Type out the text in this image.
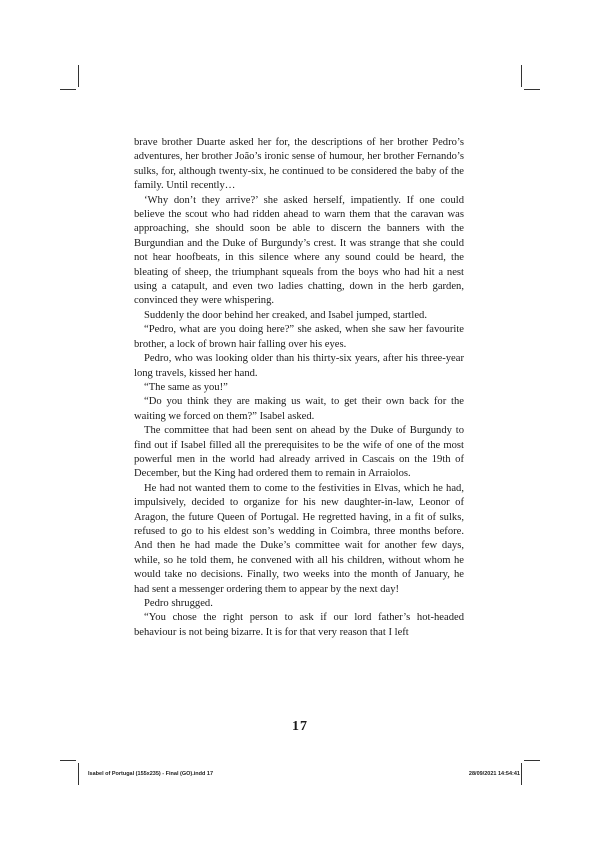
brave brother Duarte asked her for, the descriptions of her brother Pedro’s adventures, her brother João’s ironic sense of humour, her brother Fernando’s sulks, for, although twenty-six, he continued to be considered the baby of the family. Until recently…

‘Why don’t they arrive?’ she asked herself, impatiently. If one could believe the scout who had ridden ahead to warn them that the caravan was approaching, she should soon be able to discern the banners with the Burgundian and the Duke of Burgundy’s crest. It was strange that she could not hear hoofbeats, in this silence where any sound could be heard, the bleating of sheep, the triumphant squeals from the boys who had hit a nest using a catapult, and even two ladies chatting, down in the herb garden, convinced they were whispering.

Suddenly the door behind her creaked, and Isabel jumped, startled.

“Pedro, what are you doing here?” she asked, when she saw her favourite brother, a lock of brown hair falling over his eyes.

Pedro, who was looking older than his thirty-six years, after his three-year long travels, kissed her hand.

“The same as you!”

“Do you think they are making us wait, to get their own back for the waiting we forced on them?” Isabel asked.

The committee that had been sent on ahead by the Duke of Burgundy to find out if Isabel filled all the prerequisites to be the wife of one of the most powerful men in the world had already arrived in Cascais on the 19th of December, but the King had ordered them to remain in Arraiolos.

He had not wanted them to come to the festivities in Elvas, which he had, impulsively, decided to organize for his new daughter-in-law, Leonor of Aragon, the future Queen of Portugal. He regretted having, in a fit of sulks, refused to go to his eldest son’s wedding in Coimbra, three months before. And then he had made the Duke’s committee wait for another few days, while, so he told them, he convened with all his children, without whom he would take no decisions. Finally, two weeks into the month of January, he had sent a messenger ordering them to appear by the next day!

Pedro shrugged.

“You chose the right person to ask if our lord father’s hot-headed behaviour is not being bizarre. It is for that very reason that I left

17
Isabel of Portugal (155x235) - Final (GO).indd 17	28/09/2021 14:54:41
